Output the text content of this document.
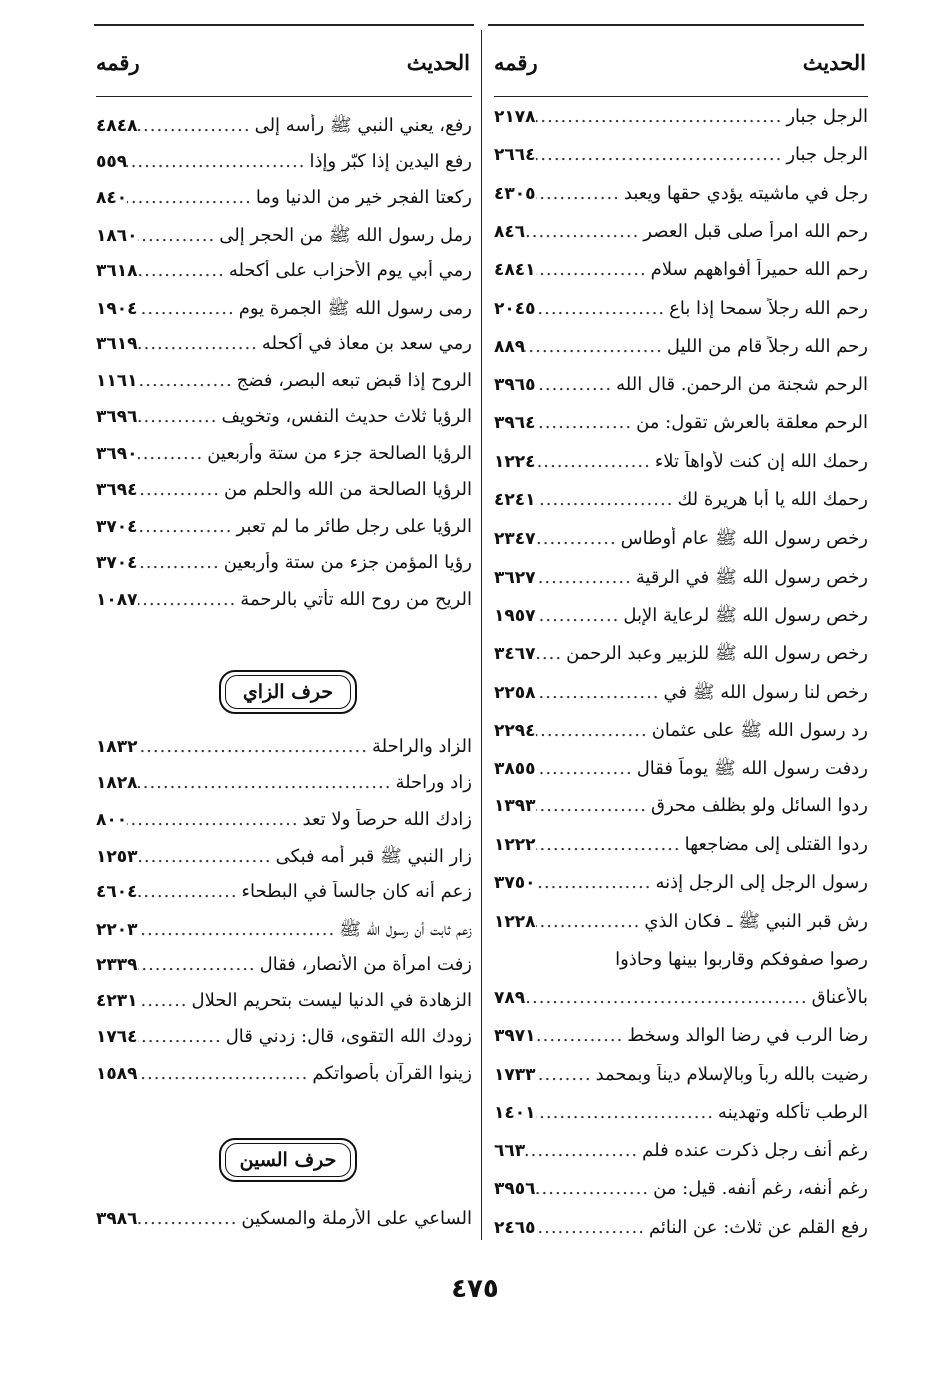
الحديث
رقمه
الحديث
رقمه
الرجل جبار
.....
٢١٧٨
الرجل جبار
.....
٢٦٦٤
رجل في ماشيته يؤدي حقها ويعبد
.....
٤٣٠٥
رحم الله امرأً صلى قبل العصر
.....
٨٤٦
رحم الله حميراً أفواههم سلام
.....
٤٨٤١
رحم الله رجلاً سمحا إذا باع
.....
٢٠٤٥
رحم الله رجلاً قام من الليل
.....
٨٨٩
الرحم شجنة من الرحمن. قال الله
.....
٣٩٦٥
الرحم معلقة بالعرش تقول: من
.....
٣٩٦٤
رحمك الله إن كنت لأواهاً تلاء
.....
١٢٢٤
رحمك الله يا أبا هريرة لك
.....
٤٢٤١
رخص رسول الله ﷺ عام أوطاس
.....
٢٣٤٧
رخص رسول الله ﷺ في الرقية
.....
٣٦٢٧
رخص رسول الله ﷺ لرعاية الإبل
.....
١٩٥٧
رخص رسول الله ﷺ للزبير وعبد الرحمن
.....
٣٤٦٧
رخص لنا رسول الله ﷺ في
.....
٢٢٥٨
رد رسول الله ﷺ على عثمان
.....
٢٢٩٤
ردفت رسول الله ﷺ يوماً فقال
.....
٣٨٥٥
ردوا السائل ولو بظلف محرق
.....
١٣٩٣
ردوا القتلى إلى مضاجعها
.....
١٢٢٢
رسول الرجل إلى الرجل إذنه
.....
٣٧٥٠
رش قبر النبي ﷺ ـ فكان الذي
.....
١٢٢٨
رصوا صفوفكم وقاربوا بينها وحاذوا
بالأعناق
.....
٧٨٩
رضا الرب في رضا الوالد وسخط
.....
٣٩٧١
رضيت بالله رباً وبالإسلام ديناً وبمحمد
.....
١٧٣٣
الرطب تأكله وتهدينه
.....
١٤٠١
رغم أنف رجل ذكرت عنده فلم
.....
٦٦٣
رغم أنفه، رغم أنفه. قيل: من
.....
٣٩٥٦
رفع القلم عن ثلاث: عن النائم
.....
٢٤٦٥
رفع، يعني النبي ﷺ رأسه إلى
.....
٤٨٤٨
رفع اليدين إذا كبّر وإذا
.....
٥٥٩
ركعتا الفجر خير من الدنيا وما
.....
٨٤٠
رمل رسول الله ﷺ من الحجر إلى
.....
١٨٦٠
رمي أبي يوم الأحزاب على أكحله
.....
٣٦١٨
رمى رسول الله ﷺ الجمرة يوم
.....
١٩٠٤
رمي سعد بن معاذ في أكحله
.....
٣٦١٩
الروح إذا قبض تبعه البصر، فضج
.....
١١٦١
الرؤيا ثلاث حديث النفس، وتخويف
.....
٣٦٩٦
الرؤيا الصالحة جزء من ستة وأربعين
.....
٣٦٩٠
الرؤيا الصالحة من الله والحلم من
.....
٣٦٩٤
الرؤيا على رجل طائر ما لم تعبر
.....
٣٧٠٤
رؤيا المؤمن جزء من ستة وأربعين
.....
٣٧٠٤
الريح من روح الله تأتي بالرحمة
.....
١٠٨٧
الزاد والراحلة
.....
١٨٣٢
زاد وراحلة
.....
١٨٢٨
زادك الله حرصاً ولا تعد
.....
٨٠٠
زار النبي ﷺ قبر أمه فبكى
.....
١٢٥٣
زعم أنه كان جالساً في البطحاء
.....
٤٦٠٤
زعم ثابت أن رسول الله ﷺ
.....
٢٢٠٣
زفت امرأة من الأنصار، فقال
.....
٢٣٣٩
الزهادة في الدنيا ليست بتحريم الحلال
.....
٤٢٣١
زودك الله التقوى، قال: زدني قال
.....
١٧٦٤
زينوا القرآن بأصواتكم
.....
١٥٨٩
الساعي على الأرملة والمسكين
.....
٣٩٨٦
حرف الزاي
حرف السين
٤٧٥
